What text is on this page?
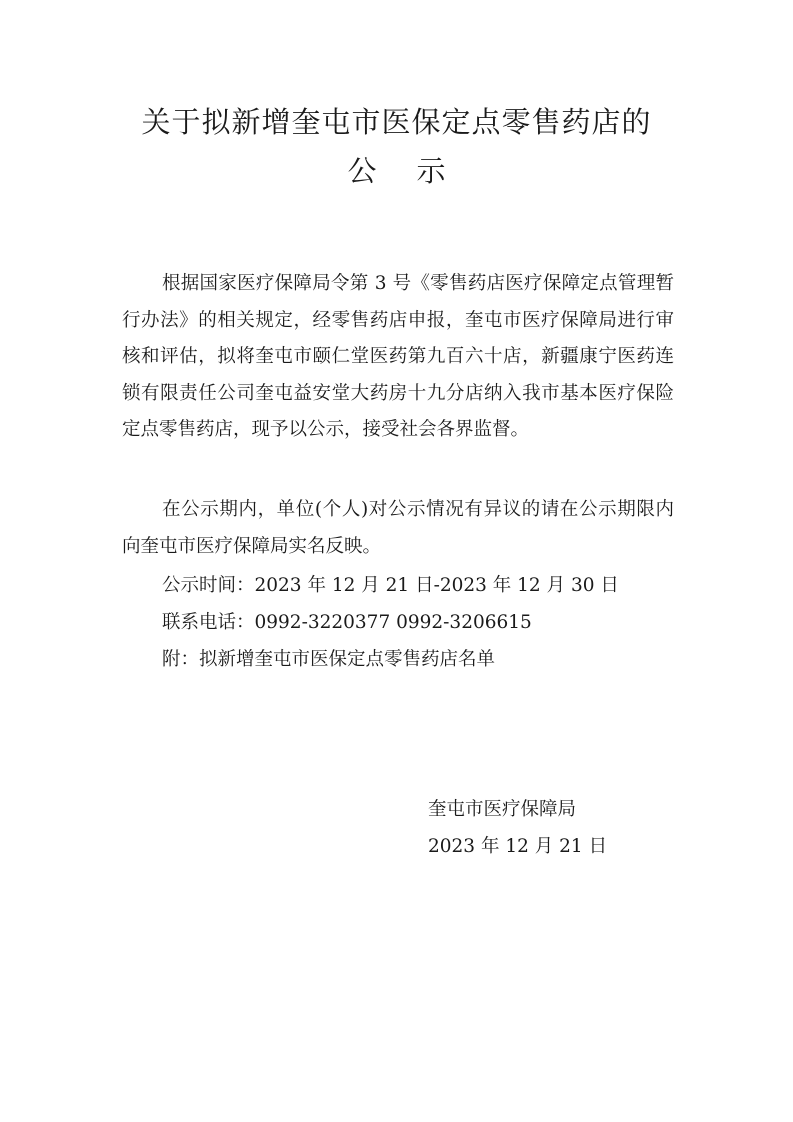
关于拟新增奎屯市医保定点零售药店的
公示
根据国家医疗保障局令第 3 号《零售药店医疗保障定点管理暂行办法》的相关规定，经零售药店申报，奎屯市医疗保障局进行审核和评估，拟将奎屯市颐仁堂医药第九百六十店，新疆康宁医药连锁有限责任公司奎屯益安堂大药房十九分店纳入我市基本医疗保险定点零售药店，现予以公示，接受社会各界监督。
在公示期内，单位(个人)对公示情况有异议的请在公示期限内向奎屯市医疗保障局实名反映。
公示时间：2023 年 12 月 21 日-2023 年 12 月 30 日
联系电话：0992-3220377 0992-3206615
附：拟新增奎屯市医保定点零售药店名单
奎屯市医疗保障局
2023 年 12 月 21 日
